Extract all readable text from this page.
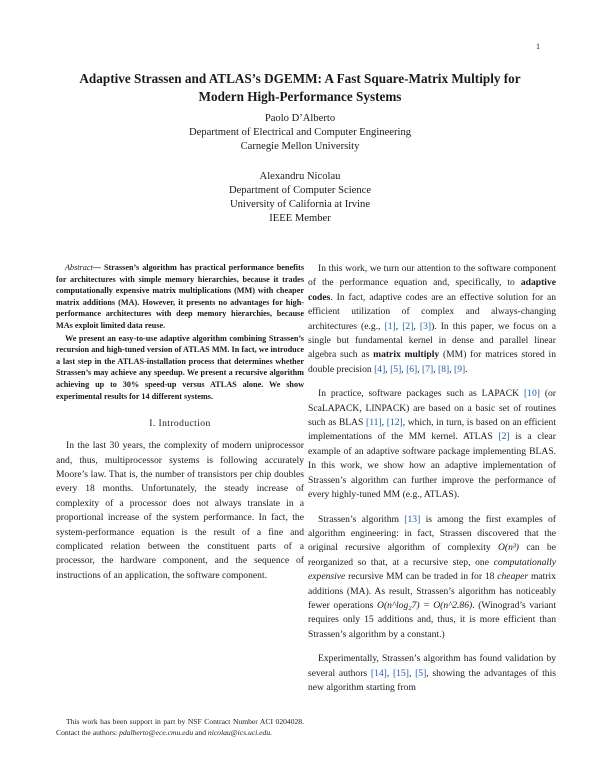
1
Adaptive Strassen and ATLAS’s DGEMM: A Fast Square-Matrix Multiply for
Modern High-Performance Systems
Paolo D’Alberto
Department of Electrical and Computer Engineering
Carnegie Mellon University
Alexandru Nicolau
Department of Computer Science
University of California at Irvine
IEEE Member

Abstract— Strassen’s algorithm has practical performance benefits for architectures with simple memory hierarchies, because it trades computationally expensive matrix multiplications (MM) with cheaper matrix additions (MA). However, it presents no advantages for high-performance architectures with deep memory hierarchies, because MAs exploit limited data reuse.

We present an easy-to-use adaptive algorithm combining Strassen’s recursion and high-tuned version of ATLAS MM. In fact, we introduce a last step in the ATLAS-installation process that determines whether Strassen’s may achieve any speedup. We present a recursive algorithm achieving up to 30% speed-up versus ATLAS alone. We show experimental results for 14 different systems.

I. Introduction

In the last 30 years, the complexity of modern uniprocessor and, thus, multiprocessor systems is following accurately Moore’s law. That is, the number of transistors per chip doubles every 18 months. Unfortunately, the steady increase of complexity of a processor does not always translate in a proportional increase of the system performance. In fact, the system-performance equation is the result of a fine and complicated relation between the constituent parts of a processor, the hardware component, and the sequence of instructions of an application, the software component.

This work has been support in part by NSF Contract Number ACI 0204028. Contact the authors: pdalberto@ece.cmu.edu and nicolau@ics.uci.edu.

In this work, we turn our attention to the software component of the performance equation and, specifically, to adaptive codes. In fact, adaptive codes are an effective solution for an efficient utilization of complex and always-changing architectures (e.g., [1], [2], [3]). In this paper, we focus on a single but fundamental kernel in dense and parallel linear algebra such as matrix multiply (MM) for matrices stored in double precision [4], [5], [6], [7], [8], [9].

In practice, software packages such as LAPACK [10] (or ScaLAPACK, LINPACK) are based on a basic set of routines such as BLAS [11], [12], which, in turn, is based on an efficient implementations of the MM kernel. ATLAS [2] is a clear example of an adaptive software package implementing BLAS. In this work, we show how an adaptive implementation of Strassen’s algorithm can further improve the performance of every highly-tuned MM (e.g., ATLAS).

Strassen’s algorithm [13] is among the first examples of algorithm engineering: in fact, Strassen discovered that the original recursive algorithm of complexity O(n³) can be reorganized so that, at a recursive step, one computationally expensive recursive MM can be traded in for 18 cheaper matrix additions (MA). As result, Strassen’s algorithm has noticeably fewer operations O(n^log₂7) = O(n^2.86). (Winograd’s variant requires only 15 additions and, thus, it is more efficient than Strassen’s algorithm by a constant.)

Experimentally, Strassen’s algorithm has found validation by several authors [14], [15], [5], showing the advantages of this new algorithm starting from
